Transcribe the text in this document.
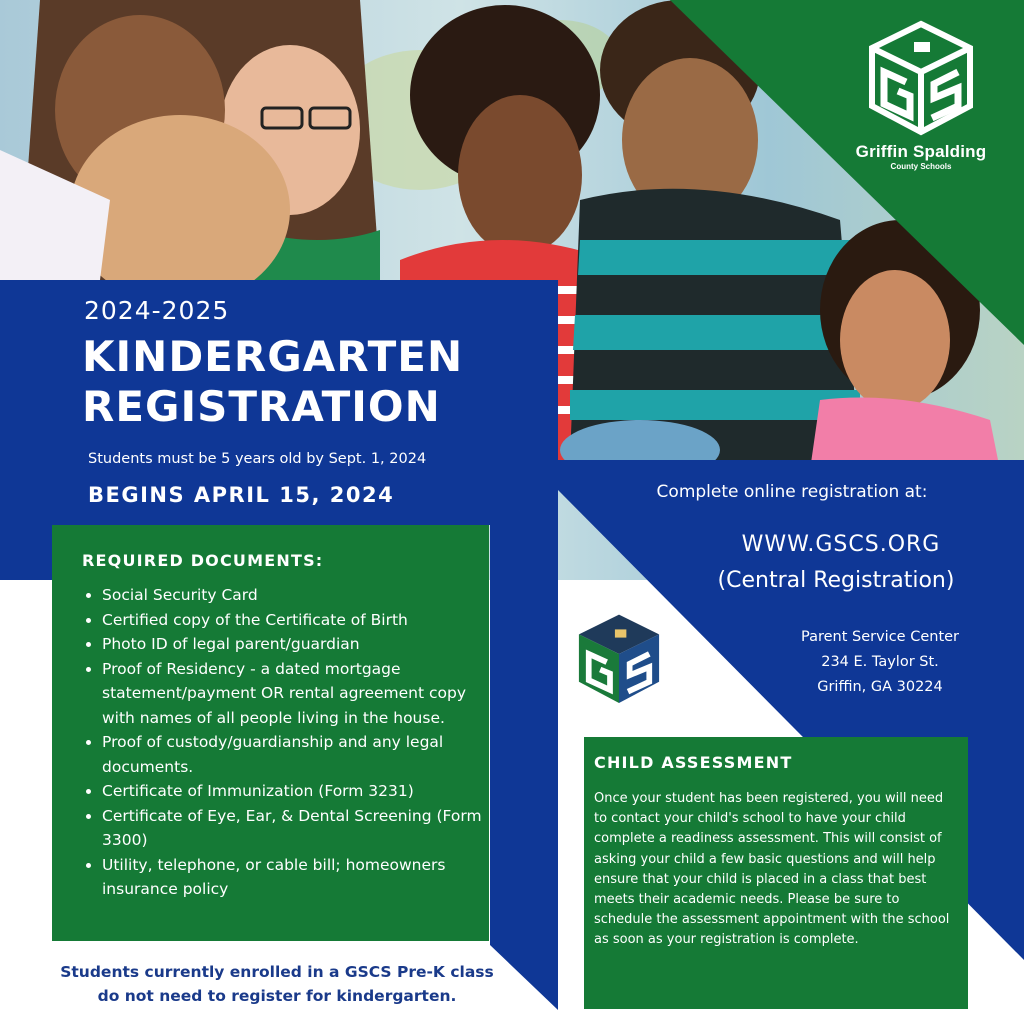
Griffin Spalding
County Schools
2024-2025
KINDERGARTEN
REGISTRATION
Students must be 5 years old by Sept. 1, 2024
BEGINS APRIL 15, 2024
REQUIRED DOCUMENTS:
• Social Security Card
• Certified copy of the Certificate of Birth
• Photo ID of legal parent/guardian
• Proof of Residency - a dated mortgage statement/payment OR rental agreement copy with names of all people living in the house.
• Proof of custody/guardianship and any legal documents.
• Certificate of Immunization (Form 3231)
• Certificate of Eye, Ear, & Dental Screening (Form 3300)
• Utility, telephone, or cable bill; homeowners insurance policy
Students currently enrolled in a GSCS Pre-K class do not need to register for kindergarten.
Complete online registration at:
WWW.GSCS.ORG
(Central Registration)
Parent Service Center
234 E. Taylor St.
Griffin, GA 30224
CHILD ASSESSMENT
Once your student has been registered, you will need to contact your child's school to have your child complete a readiness assessment. This will consist of asking your child a few basic questions and will help ensure that your child is placed in a class that best meets their academic needs. Please be sure to schedule the assessment appointment with the school as soon as your registration is complete.
